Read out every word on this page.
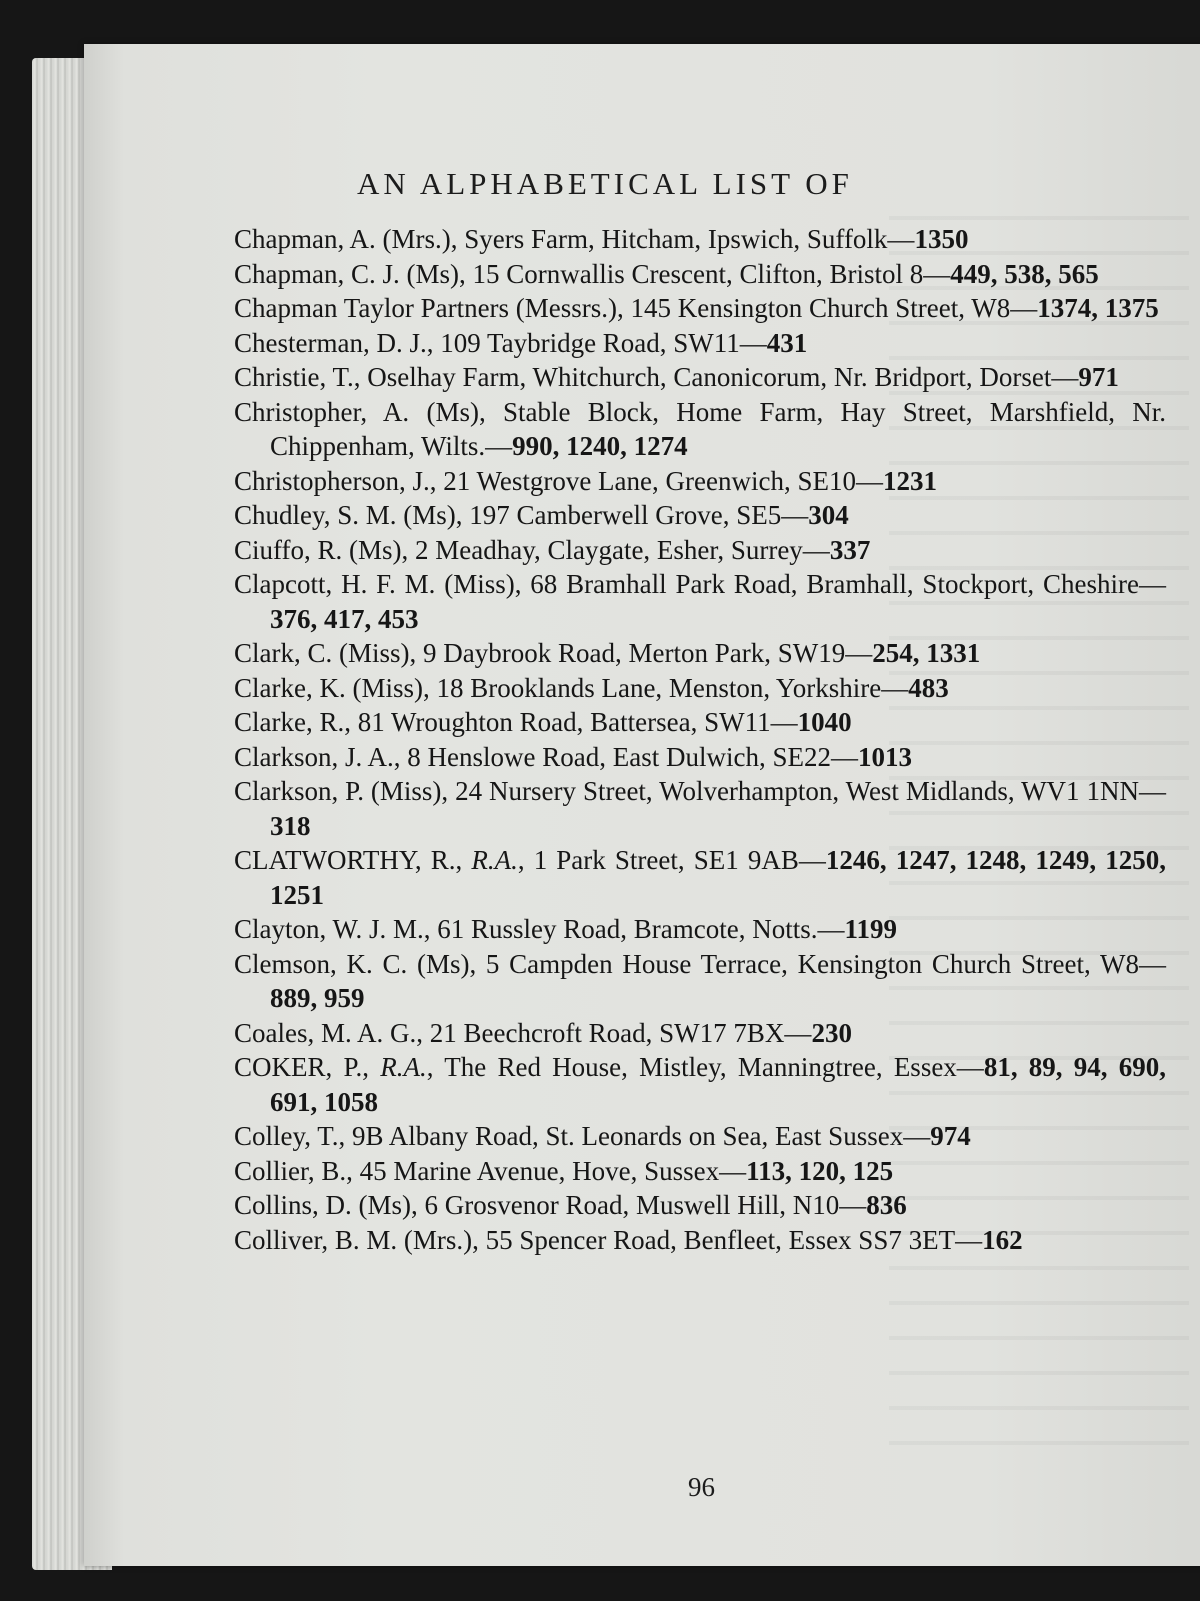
AN ALPHABETICAL LIST OF

Chapman, A. (Mrs.), Syers Farm, Hitcham, Ipswich, Suffolk—1350

Chapman, C. J. (Ms), 15 Cornwallis Crescent, Clifton, Bristol 8—449, 538, 565

Chapman Taylor Partners (Messrs.), 145 Kensington Church Street, W8—1374, 1375

Chesterman, D. J., 109 Taybridge Road, SW11—431

Christie, T., Oselhay Farm, Whitchurch, Canonicorum, Nr. Bridport, Dorset—971

Christopher, A. (Ms), Stable Block, Home Farm, Hay Street, Marshfield, Nr. Chippenham, Wilts.—990, 1240, 1274

Christopherson, J., 21 Westgrove Lane, Greenwich, SE10—1231

Chudley, S. M. (Ms), 197 Camberwell Grove, SE5—304

Ciuffo, R. (Ms), 2 Meadhay, Claygate, Esher, Surrey—337

Clapcott, H. F. M. (Miss), 68 Bramhall Park Road, Bramhall, Stockport, Cheshire—376, 417, 453

Clark, C. (Miss), 9 Daybrook Road, Merton Park, SW19—254, 1331

Clarke, K. (Miss), 18 Brooklands Lane, Menston, Yorkshire—483

Clarke, R., 81 Wroughton Road, Battersea, SW11—1040

Clarkson, J. A., 8 Henslowe Road, East Dulwich, SE22—1013

Clarkson, P. (Miss), 24 Nursery Street, Wolverhampton, West Midlands, WV1 1NN—318

CLATWORTHY, R., R.A., 1 Park Street, SE1 9AB—1246, 1247, 1248, 1249, 1250, 1251

Clayton, W. J. M., 61 Russley Road, Bramcote, Notts.—1199

Clemson, K. C. (Ms), 5 Campden House Terrace, Kensington Church Street, W8—889, 959

Coales, M. A. G., 21 Beechcroft Road, SW17 7BX—230

COKER, P., R.A., The Red House, Mistley, Manningtree, Essex—81, 89, 94, 690, 691, 1058

Colley, T., 9B Albany Road, St. Leonards on Sea, East Sussex—974

Collier, B., 45 Marine Avenue, Hove, Sussex—113, 120, 125

Collins, D. (Ms), 6 Grosvenor Road, Muswell Hill, N10—836

Colliver, B. M. (Mrs.), 55 Spencer Road, Benfleet, Essex SS7 3ET—162

96
